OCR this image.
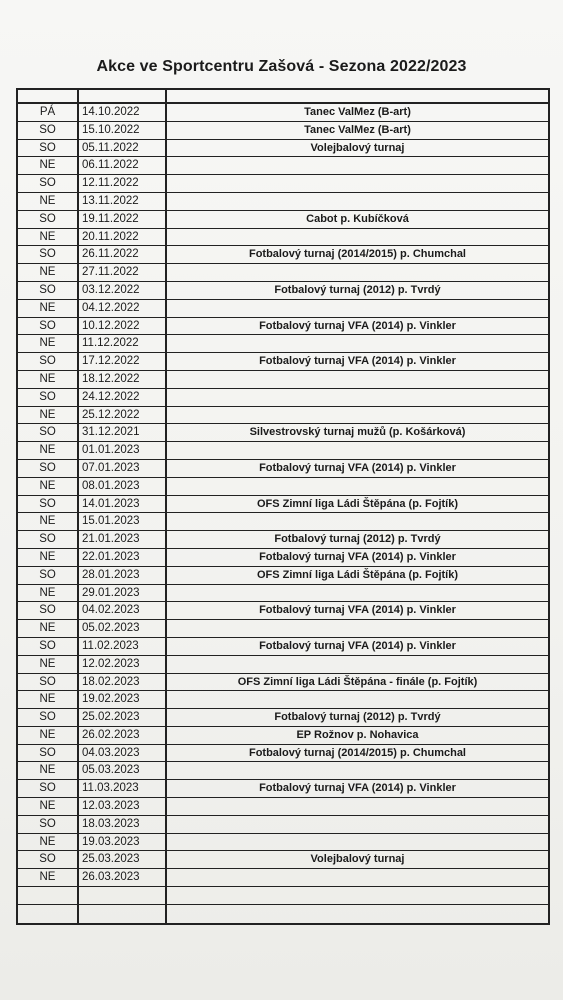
Akce ve Sportcentru Zašová - Sezona 2022/2023
PÁ	14.10.2022	Tanec ValMez (B-art)
SO	15.10.2022	Tanec ValMez (B-art)
SO	05.11.2022	Volejbalový turnaj
NE	06.11.2022
SO	12.11.2022
NE	13.11.2022
SO	19.11.2022	Cabot p. Kubíčková
NE	20.11.2022
SO	26.11.2022	Fotbalový turnaj (2014/2015) p. Chumchal
NE	27.11.2022
SO	03.12.2022	Fotbalový turnaj (2012) p. Tvrdý
NE	04.12.2022
SO	10.12.2022	Fotbalový turnaj VFA (2014) p. Vinkler
NE	11.12.2022
SO	17.12.2022	Fotbalový turnaj VFA (2014) p. Vinkler
NE	18.12.2022
SO	24.12.2022
NE	25.12.2022
SO	31.12.2021	Silvestrovský turnaj mužů (p. Košárková)
NE	01.01.2023
SO	07.01.2023	Fotbalový turnaj VFA (2014) p. Vinkler
NE	08.01.2023
SO	14.01.2023	OFS Zimní liga Ládi Štěpána (p. Fojtík)
NE	15.01.2023
SO	21.01.2023	Fotbalový turnaj (2012) p. Tvrdý
NE	22.01.2023	Fotbalový turnaj VFA (2014) p. Vinkler
SO	28.01.2023	OFS Zimní liga Ládi Štěpána (p. Fojtík)
NE	29.01.2023
SO	04.02.2023	Fotbalový turnaj VFA (2014) p. Vinkler
NE	05.02.2023
SO	11.02.2023	Fotbalový turnaj VFA (2014) p. Vinkler
NE	12.02.2023
SO	18.02.2023	OFS Zimní liga Ládi Štěpána - finále (p. Fojtík)
NE	19.02.2023
SO	25.02.2023	Fotbalový turnaj (2012) p. Tvrdý
NE	26.02.2023	EP Rožnov p. Nohavica
SO	04.03.2023	Fotbalový turnaj (2014/2015) p. Chumchal
NE	05.03.2023
SO	11.03.2023	Fotbalový turnaj VFA (2014) p. Vinkler
NE	12.03.2023
SO	18.03.2023
NE	19.03.2023
SO	25.03.2023	Volejbalový turnaj
NE	26.03.2023
